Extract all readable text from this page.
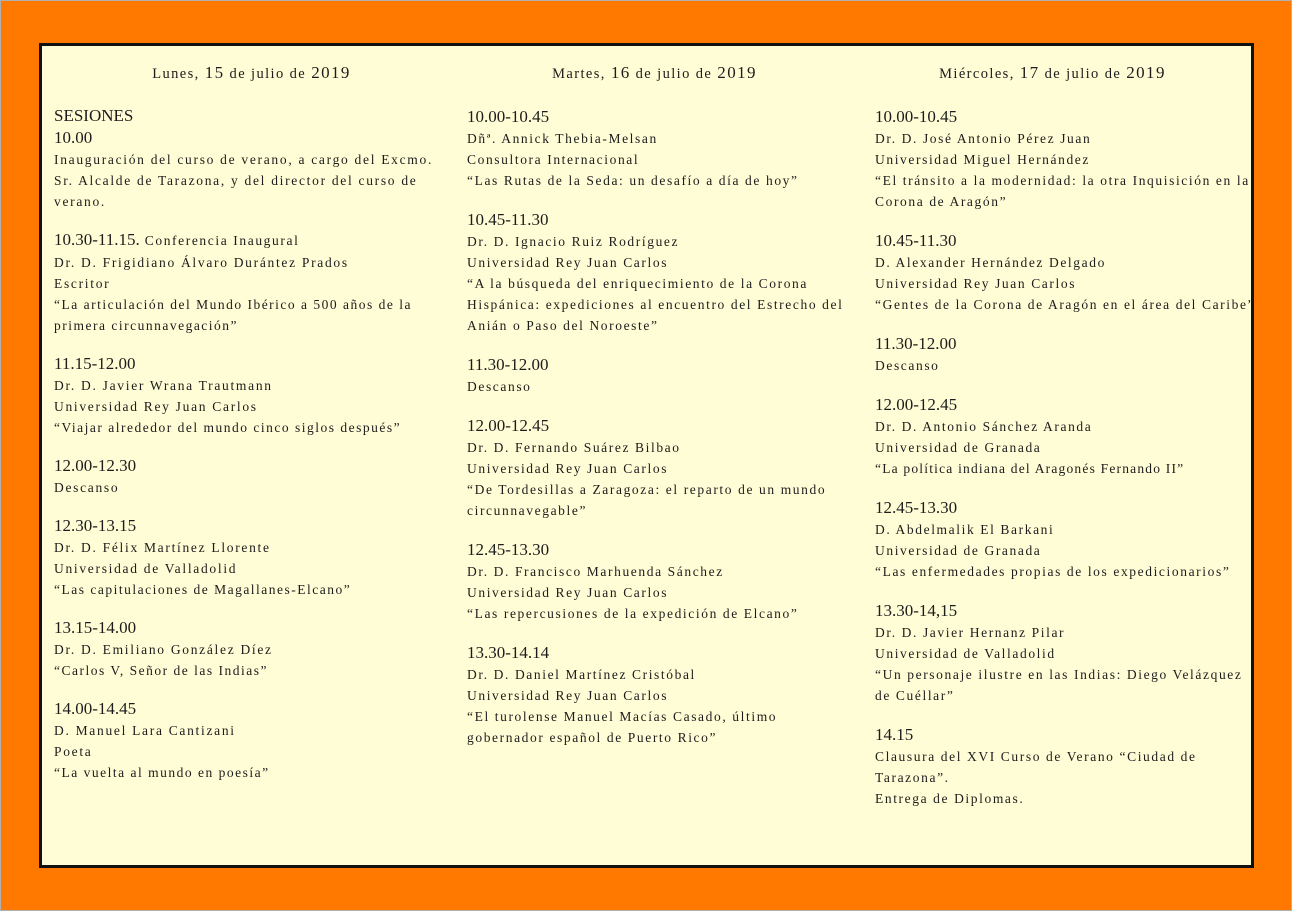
Lunes, 15 de julio de 2019
SESIONES
10.00
Inauguración del curso de verano, a cargo del Excmo. Sr. Alcalde de Tarazona, y del director del curso de verano.
10.30-11.15. Conferencia Inaugural
Dr. D. Frigidiano Álvaro Durántez Prados
Escritor
“La articulación del Mundo Ibérico a 500 años de la primera circunnavegación”
11.15-12.00
Dr. D. Javier Wrana Trautmann
Universidad Rey Juan Carlos
“Viajar alrededor del mundo cinco siglos después”
12.00-12.30
Descanso
12.30-13.15
Dr. D. Félix Martínez Llorente
Universidad de Valladolid
“Las capitulaciones de Magallanes-Elcano”
13.15-14.00
Dr. D. Emiliano González Díez
“Carlos V, Señor de las Indias”
14.00-14.45
D. Manuel Lara Cantizani
Poeta
“La vuelta al mundo en poesía”
Martes, 16 de julio de 2019
10.00-10.45
Dñª. Annick Thebia-Melsan
Consultora Internacional
“Las Rutas de la Seda: un desafío a día de hoy”
10.45-11.30
Dr. D. Ignacio Ruiz Rodríguez
Universidad Rey Juan Carlos
“A la búsqueda del enriquecimiento de la Corona Hispánica: expediciones al encuentro del Estrecho del Anián o Paso del Noroeste”
11.30-12.00
Descanso
12.00-12.45
Dr. D. Fernando Suárez Bilbao
Universidad Rey Juan Carlos
“De Tordesillas a Zaragoza: el reparto de un mundo circunnavegable”
12.45-13.30
Dr. D. Francisco Marhuenda Sánchez
Universidad Rey Juan Carlos
“Las repercusiones de la expedición de Elcano”
13.30-14.14
Dr. D. Daniel Martínez Cristóbal
Universidad Rey Juan Carlos
“El turolense Manuel Macías Casado, último gobernador español de Puerto Rico”
Miércoles, 17 de julio de 2019
10.00-10.45
Dr. D. José Antonio Pérez Juan
Universidad Miguel Hernández
“El tránsito a la modernidad: la otra Inquisición en la Corona de Aragón”
10.45-11.30
D. Alexander Hernández Delgado
Universidad Rey Juan Carlos
“Gentes de la Corona de Aragón en el área del Caribe”
11.30-12.00
Descanso
12.00-12.45
Dr. D. Antonio Sánchez Aranda
Universidad de Granada
“La política indiana del Aragonés Fernando II”
12.45-13.30
D. Abdelmalik El Barkani
Universidad de Granada
“Las enfermedades propias de los expedicionarios”
13.30-14,15
Dr. D. Javier Hernanz Pilar
Universidad de Valladolid
“Un personaje ilustre en las Indias: Diego Velázquez de Cuéllar”
14.15
Clausura del XVI Curso de Verano “Ciudad de Tarazona”.
Entrega de Diplomas.
